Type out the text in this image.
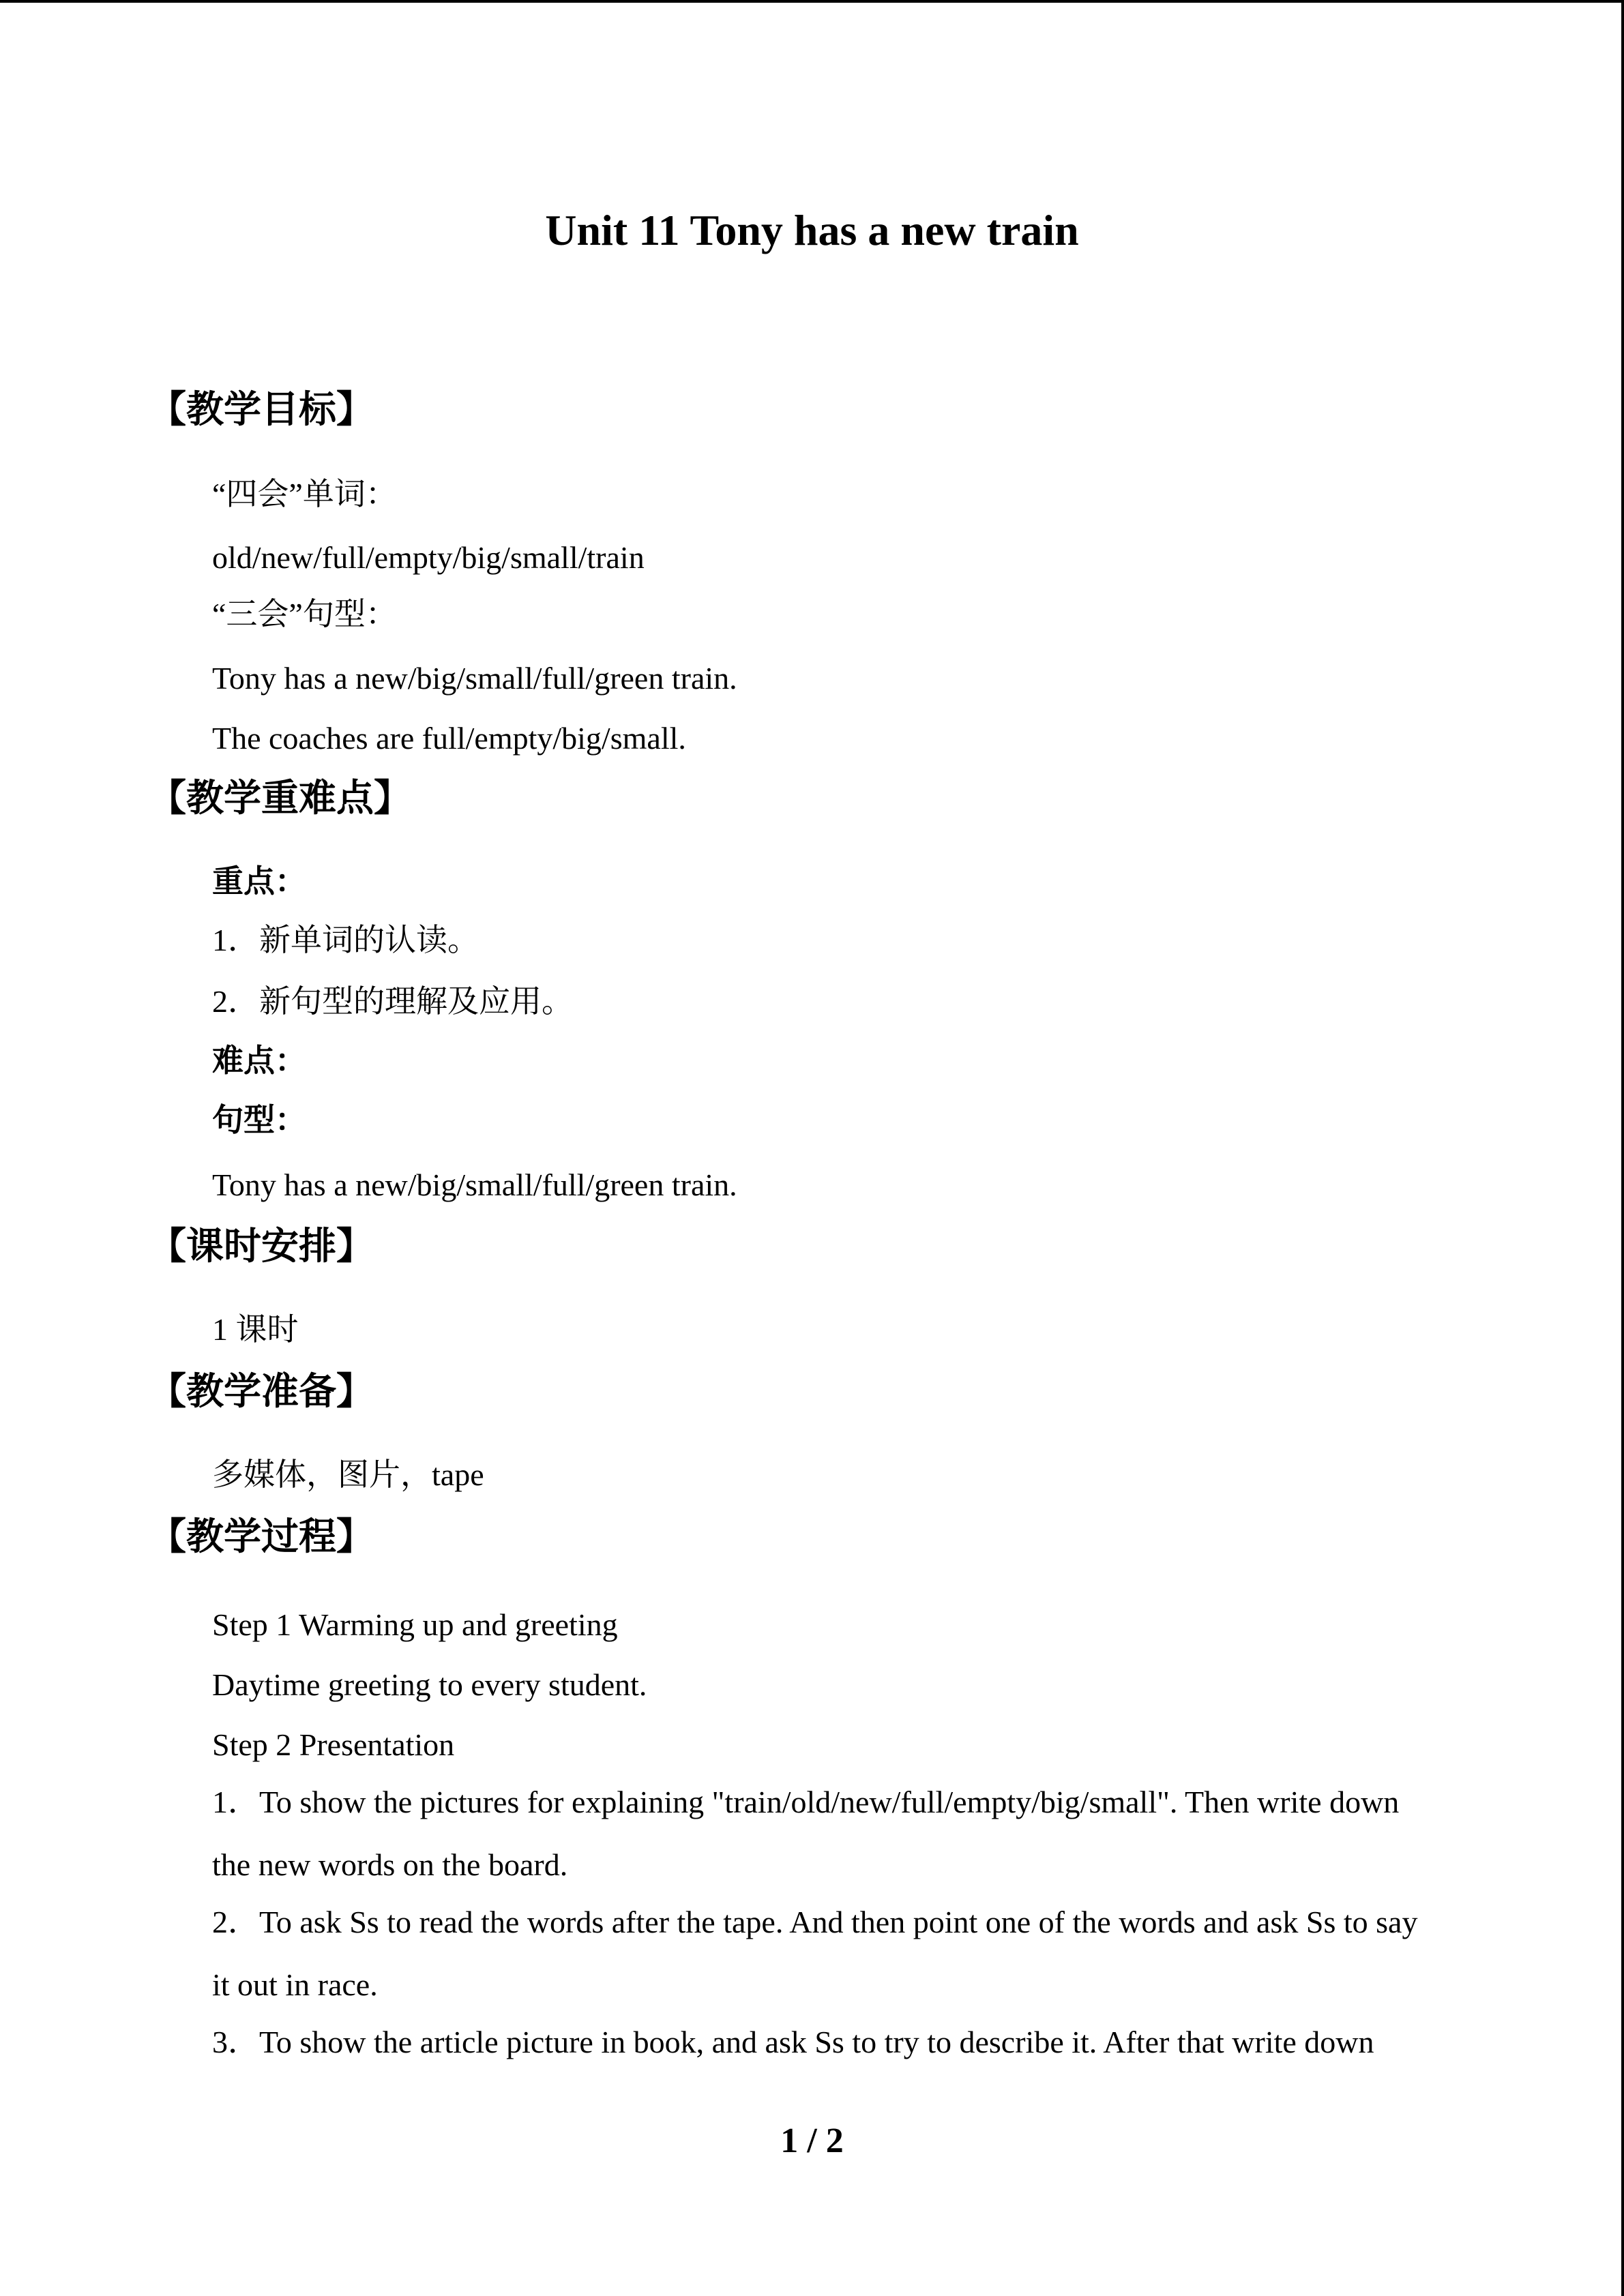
Unit 11 Tony has a new train
【教学目标】
“四会”单词：
old/new/full/empty/big/small/train
“三会”句型：
Tony has a new/big/small/full/green train.
The coaches are full/empty/big/small.
【教学重难点】
重点：
1．新单词的认读。
2．新句型的理解及应用。
难点：
句型：
Tony has a new/big/small/full/green train.
【课时安排】
1 课时
【教学准备】
多媒体，图片，tape
【教学过程】
Step 1 Warming up and greeting
Daytime greeting to every student.
Step 2 Presentation
1．To show the pictures for explaining "train/old/new/full/empty/big/small". Then write down
the new words on the board.
2．To ask Ss to read the words after the tape. And then point one of the words and ask Ss to say
it out in race.
3．To show the article picture in book, and ask Ss to try to describe it. After that write down
1 / 2
